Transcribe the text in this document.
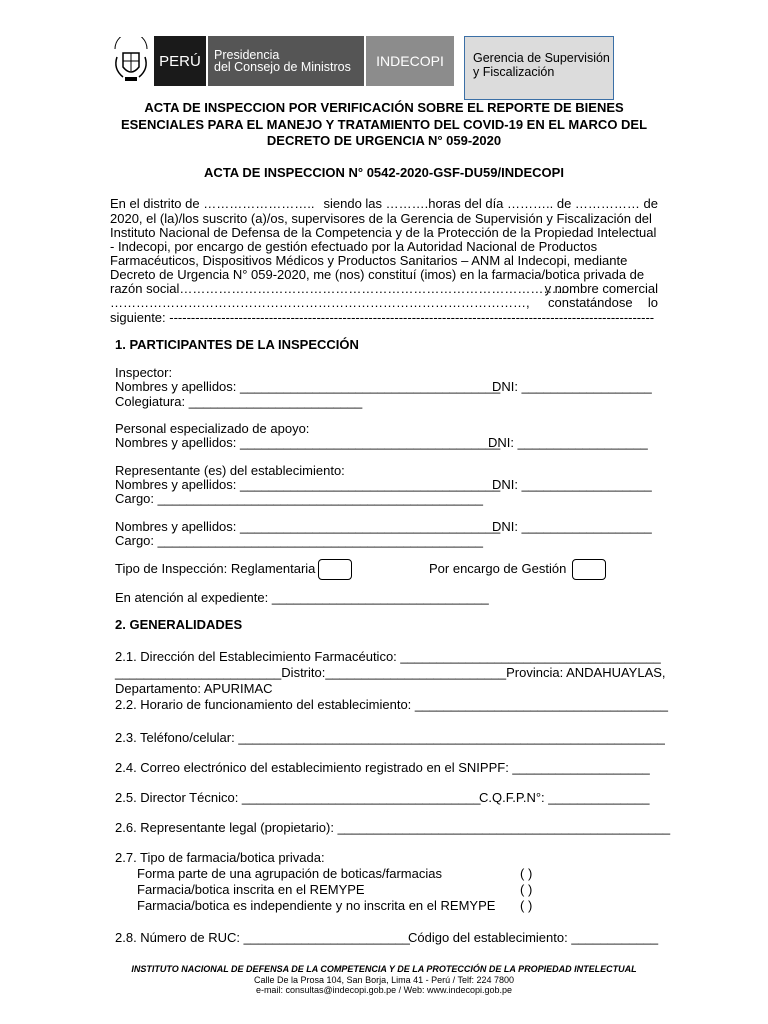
PERÚ	Presidencia
del Consejo de Ministros	INDECOPI	Gerencia de Supervisión
y Fiscalización
ACTA DE INSPECCION POR VERIFICACIÓN SOBRE EL REPORTE DE BIENES
ESENCIALES PARA EL MANEJO Y TRATAMIENTO DEL COVID-19 EN EL MARCO DEL
DECRETO DE URGENCIA N° 059-2020
ACTA DE INSPECCION N° 0542-2020-GSF-DU59/INDECOPI
En el distrito de …………………….. siendo las ……….horas del día ……….. de …………… de
2020, el (la)/los suscrito (a)/os, supervisores de la Gerencia de Supervisión y Fiscalización del
Instituto Nacional de Defensa de la Competencia y de la Protección de la Propiedad Intelectual
- Indecopi, por encargo de gestión efectuado por la Autoridad Nacional de Productos
Farmacéuticos, Dispositivos Médicos y Productos Sanitarios – ANM al Indecopi, mediante
Decreto de Urgencia N° 059-2020, me (nos) constituí (imos) en la farmacia/botica privada de
razón social………………………………………………………………………………
y nombre comercial
……………………………………………………………………………………, constatándose lo
siguiente: ----------------------------------------------------------------------------------------------------------------
1. PARTICIPANTES DE LA INSPECCIÓN
Inspector:
Nombres y apellidos: ____________________________________
DNI: __________________
Colegiatura: ________________________
Personal especializado de apoyo:
Nombres y apellidos: ____________________________________
DNI: __________________
Representante (es) del establecimiento:
Nombres y apellidos: ____________________________________
DNI: __________________
Cargo: _____________________________________________
Nombres y apellidos: ____________________________________
DNI: __________________
Cargo: _____________________________________________
Tipo de Inspección: Reglamentaria	Por encargo de Gestión
En atención al expediente: ______________________________
2. GENERALIDADES
2.1. Dirección del Establecimiento Farmacéutico: ____________________________________
_______________________Distrito:_________________________Provincia: ANDAHUAYLAS,
Departamento: APURIMAC
2.2. Horario de funcionamiento del establecimiento: ___________________________________
2.3. Teléfono/celular: ___________________________________________________________
2.4. Correo electrónico del establecimiento registrado en el SNIPPF: ___________________
2.5. Director Técnico: _________________________________
C.Q.F.P.N°: ______________
2.6. Representante legal (propietario): ______________________________________________
2.7. Tipo de farmacia/botica privada:
Forma parte de una agrupación de boticas/farmacias	( )
Farmacia/botica inscrita en el REMYPE	( )
Farmacia/botica es independiente y no inscrita en el REMYPE ( )
2.8. Número de RUC: _______________________
Código del establecimiento: ____________
INSTITUTO NACIONAL DE DEFENSA DE LA COMPETENCIA Y DE LA PROTECCIÓN DE LA PROPIEDAD INTELECTUAL
Calle De la Prosa 104, San Borja, Lima 41 - Perú / Telf: 224 7800
e-mail: consultas@indecopi.gob.pe / Web: www.indecopi.gob.pe
